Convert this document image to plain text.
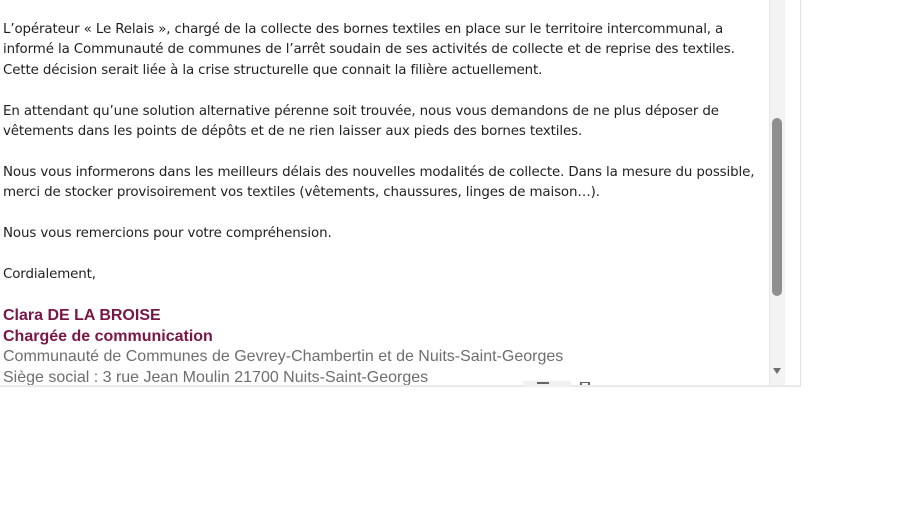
L’opérateur « Le Relais », chargé de la collecte des bornes textiles en place sur le territoire intercommunal, a informé la Communauté de communes de l’arrêt soudain de ses activités de collecte et de reprise des textiles. Cette décision serait liée à la crise structurelle que connait la filière actuellement.

En attendant qu’une solution alternative pérenne soit trouvée, nous vous demandons de ne plus déposer de vêtements dans les points de dépôts et de ne rien laisser aux pieds des bornes textiles.

Nous vous informerons dans les meilleurs délais des nouvelles modalités de collecte. Dans la mesure du possible, merci de stocker provisoirement vos textiles (vêtements, chaussures, linges de maison…).

Nous vous remercions pour votre compréhension.

Cordialement,

Clara DE LA BROISE
Chargée de communication
Communauté de Communes de Gevrey-Chambertin et de Nuits-Saint-Georges
Siège social : 3 rue Jean Moulin 21700 Nuits-Saint-Georges
